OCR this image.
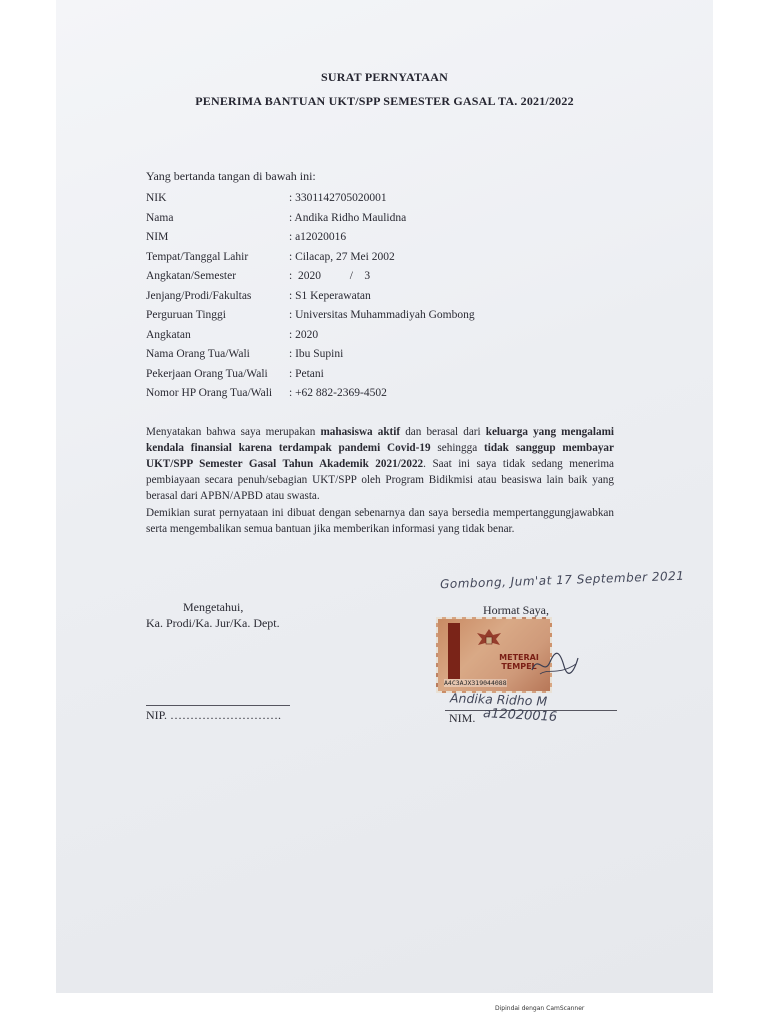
SURAT PERNYATAAN
PENERIMA BANTUAN UKT/SPP SEMESTER GASAL TA. 2021/2022
Yang bertanda tangan di bawah ini:
NIK	: 3301142705020001
Nama	: Andika Ridho Maulidna
NIM	: a12020016
Tempat/Tanggal Lahir	: Cilacap, 27 Mei 2002
Angkatan/Semester	:  2020          /    3
Jenjang/Prodi/Fakultas	: S1 Keperawatan
Perguruan Tinggi	: Universitas Muhammadiyah Gombong
Angkatan	: 2020
Nama Orang Tua/Wali	: Ibu Supini
Pekerjaan Orang Tua/Wali : Petani
Nomor HP Orang Tua/Wali : +62 882-2369-4502
Menyatakan bahwa saya merupakan mahasiswa aktif dan berasal dari keluarga yang mengalami kendala finansial karena terdampak pandemi Covid-19 sehingga tidak sanggup membayar UKT/SPP Semester Gasal Tahun Akademik 2021/2022. Saat ini saya tidak sedang menerima pembiayaan secara penuh/sebagian UKT/SPP oleh Program Bidikmisi atau beasiswa lain baik yang berasal dari APBN/APBD atau swasta.
Demikian surat pernyataan ini dibuat dengan sebenarnya dan saya bersedia mempertanggungjawabkan serta mengembalikan semua bantuan jika memberikan informasi yang tidak benar.
Gombong, Jum'at 17 September 2021
Mengetahui,
Ka. Prodi/Ka. Jur/Ka. Dept.
NIP. ……………………….
Hormat Saya,
METERAI TEMPEL
A4C3AJX319044088
Andika Ridho M
NIM. a12020016
Dipindai dengan CamScanner
